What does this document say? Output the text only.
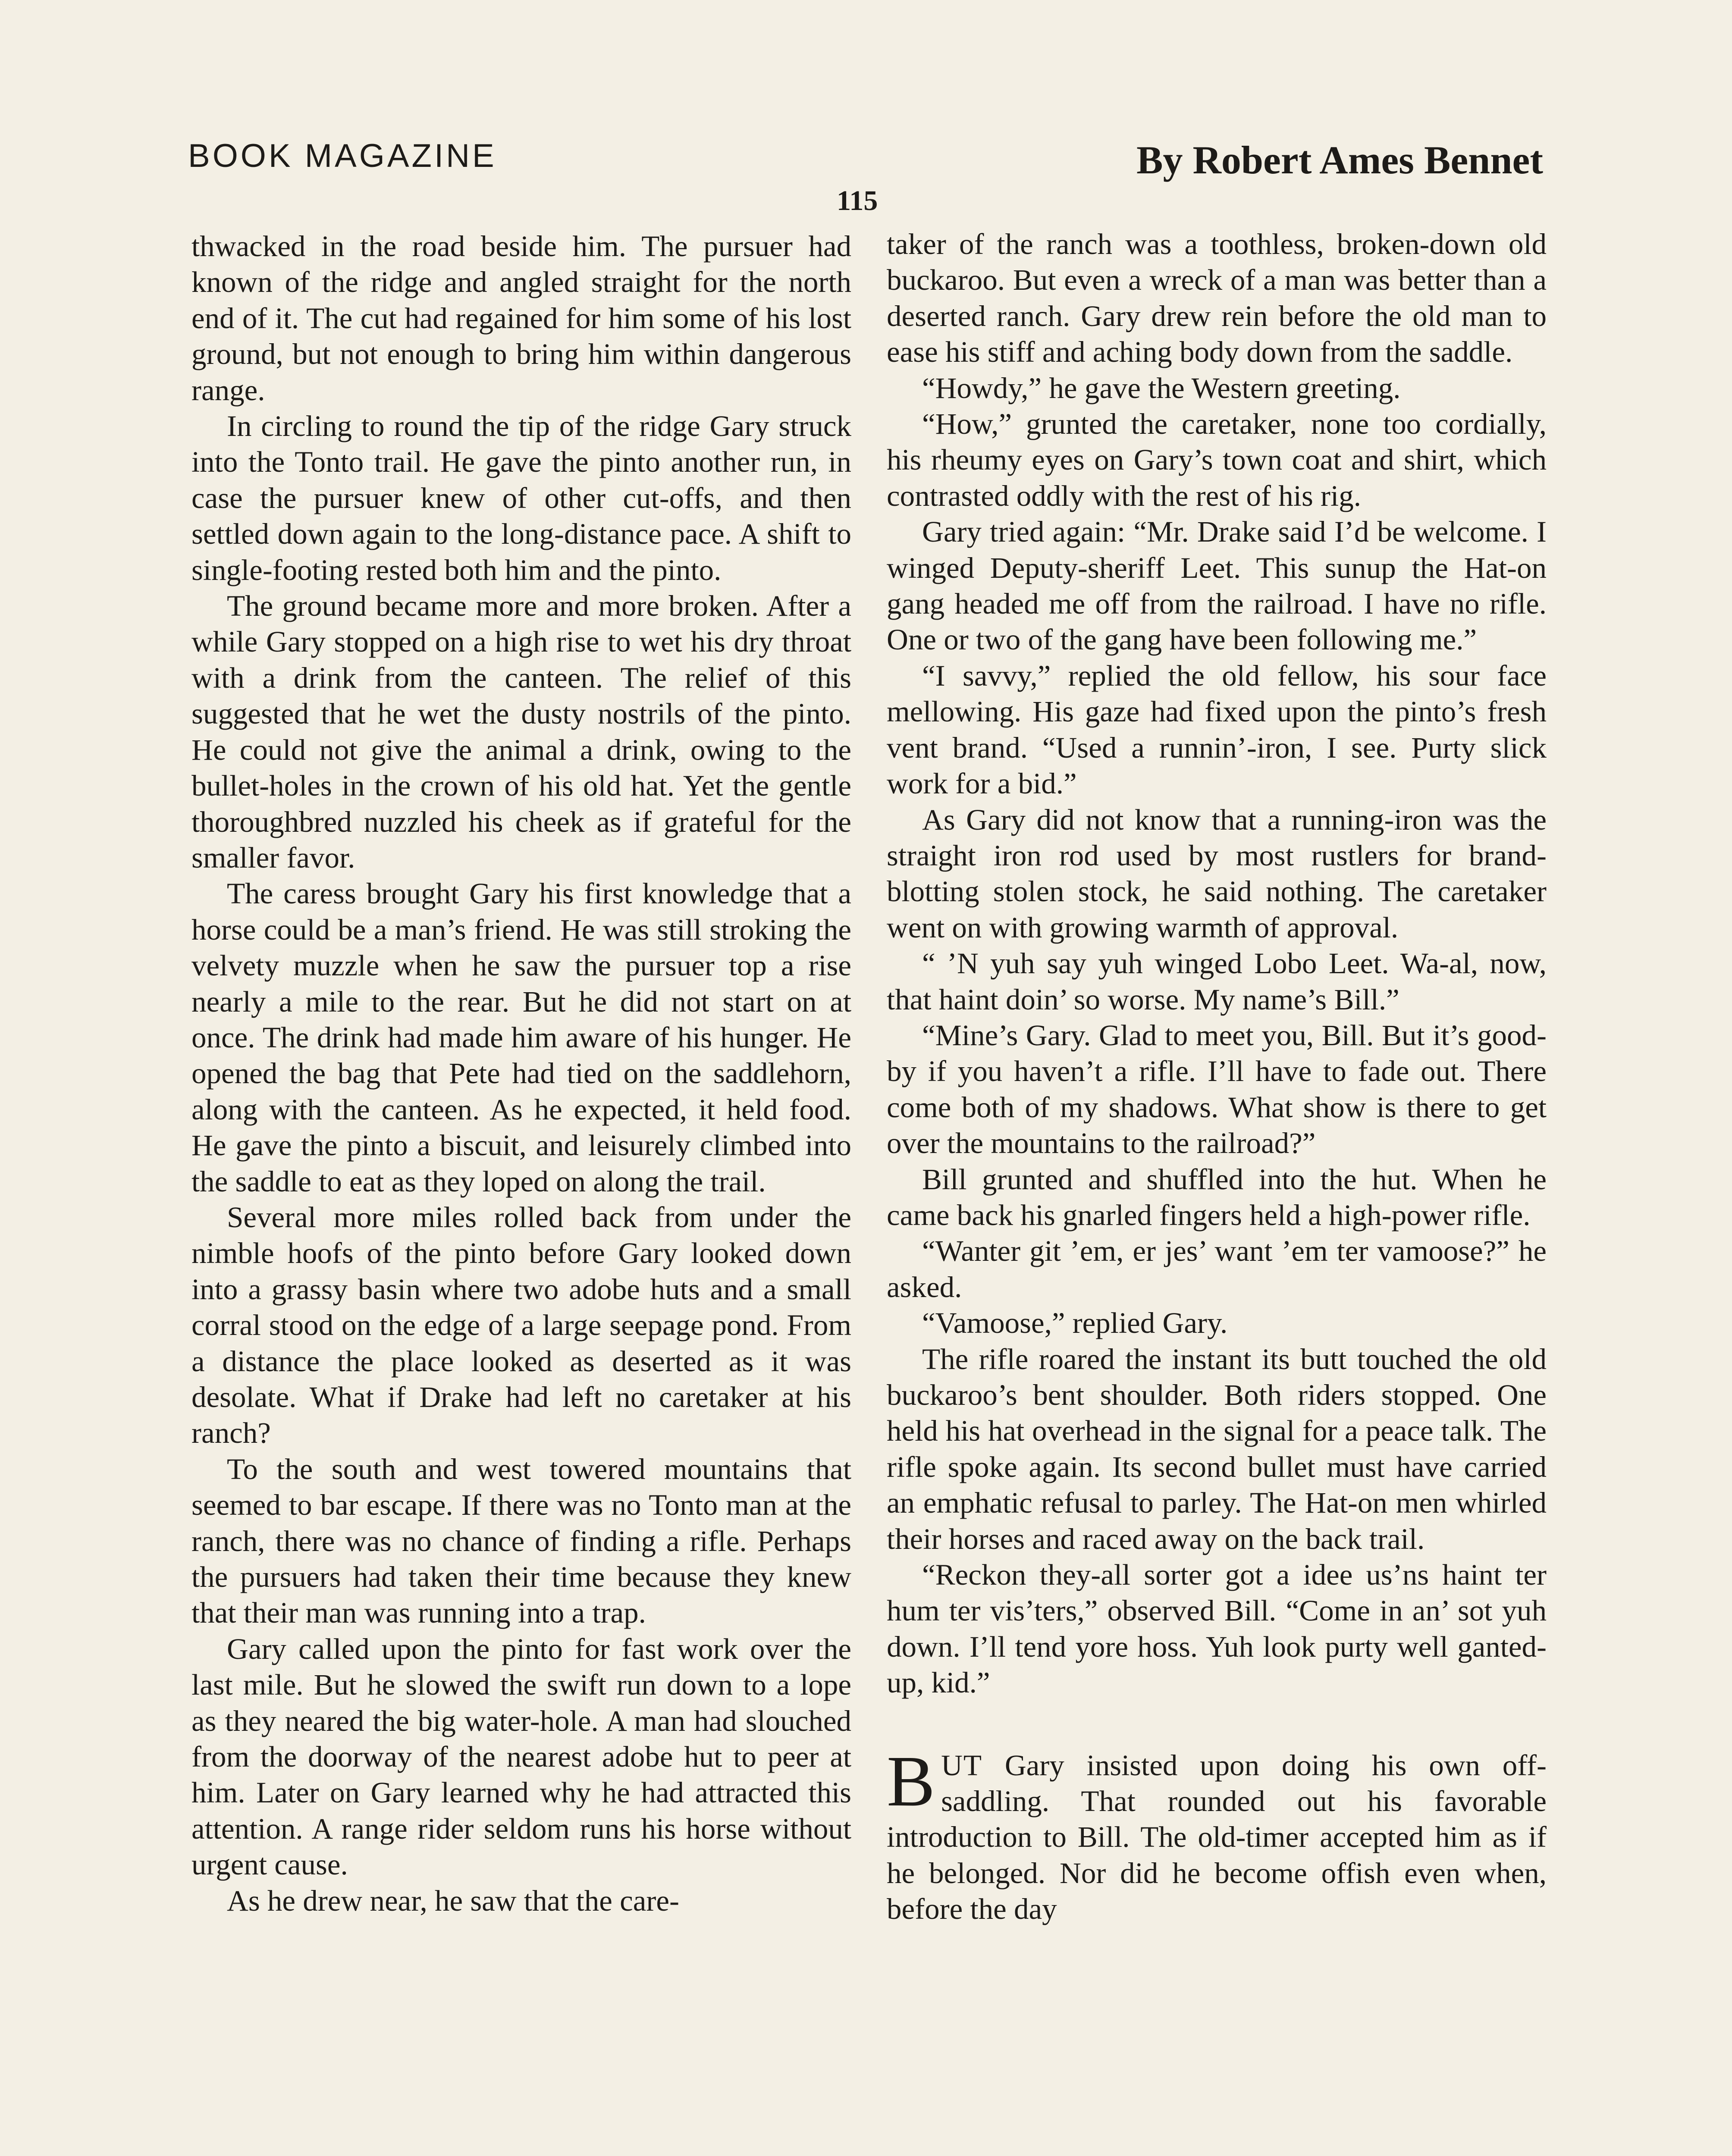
BOOK MAGAZINE	By Robert Ames Bennet
115

thwacked in the road beside him. The pursuer had known of the ridge and angled straight for the north end of it. The cut had regained for him some of his lost ground, but not enough to bring him within dangerous range.

In circling to round the tip of the ridge Gary struck into the Tonto trail. He gave the pinto another run, in case the pursuer knew of other cut-offs, and then settled down again to the long-distance pace. A shift to single-footing rested both him and the pinto.

The ground became more and more broken. After a while Gary stopped on a high rise to wet his dry throat with a drink from the canteen. The relief of this suggested that he wet the dusty nostrils of the pinto. He could not give the animal a drink, owing to the bullet-holes in the crown of his old hat. Yet the gentle thoroughbred nuzzled his cheek as if grateful for the smaller favor.

The caress brought Gary his first knowledge that a horse could be a man’s friend. He was still stroking the velvety muzzle when he saw the pursuer top a rise nearly a mile to the rear. But he did not start on at once. The drink had made him aware of his hunger. He opened the bag that Pete had tied on the saddlehorn, along with the canteen. As he expected, it held food. He gave the pinto a biscuit, and leisurely climbed into the saddle to eat as they loped on along the trail.

Several more miles rolled back from under the nimble hoofs of the pinto before Gary looked down into a grassy basin where two adobe huts and a small corral stood on the edge of a large seepage pond. From a distance the place looked as deserted as it was desolate. What if Drake had left no caretaker at his ranch?

To the south and west towered mountains that seemed to bar escape. If there was no Tonto man at the ranch, there was no chance of finding a rifle. Perhaps the pursuers had taken their time because they knew that their man was running into a trap.

Gary called upon the pinto for fast work over the last mile. But he slowed the swift run down to a lope as they neared the big water-hole. A man had slouched from the doorway of the nearest adobe hut to peer at him. Later on Gary learned why he had attracted this attention. A range rider seldom runs his horse without urgent cause.

As he drew near, he saw that the care-

taker of the ranch was a toothless, broken-down old buckaroo. But even a wreck of a man was better than a deserted ranch. Gary drew rein before the old man to ease his stiff and aching body down from the saddle.

“Howdy,” he gave the Western greeting.

“How,” grunted the caretaker, none too cordially, his rheumy eyes on Gary’s town coat and shirt, which contrasted oddly with the rest of his rig.

Gary tried again: “Mr. Drake said I’d be welcome. I winged Deputy-sheriff Leet. This sunup the Hat-on gang headed me off from the railroad. I have no rifle. One or two of the gang have been following me.”

“I savvy,” replied the old fellow, his sour face mellowing. His gaze had fixed upon the pinto’s fresh vent brand. “Used a runnin’-iron, I see. Purty slick work for a bid.”

As Gary did not know that a running-iron was the straight iron rod used by most rustlers for brand-blotting stolen stock, he said nothing. The caretaker went on with growing warmth of approval.

“ ’N yuh say yuh winged Lobo Leet. Wa-al, now, that haint doin’ so worse. My name’s Bill.”

“Mine’s Gary. Glad to meet you, Bill. But it’s good-by if you haven’t a rifle. I’ll have to fade out. There come both of my shadows. What show is there to get over the mountains to the railroad?”

Bill grunted and shuffled into the hut. When he came back his gnarled fingers held a high-power rifle.

“Wanter git ’em, er jes’ want ’em ter vamoose?” he asked.

“Vamoose,” replied Gary.

The rifle roared the instant its butt touched the old buckaroo’s bent shoulder. Both riders stopped. One held his hat overhead in the signal for a peace talk. The rifle spoke again. Its second bullet must have carried an emphatic refusal to parley. The Hat-on men whirled their horses and raced away on the back trail.

“Reckon they-all sorter got a idee us’ns haint ter hum ter vis’ters,” observed Bill. “Come in an’ sot yuh down. I’ll tend yore hoss. Yuh look purty well ganted-up, kid.”

BUT Gary insisted upon doing his own off-saddling. That rounded out his favorable introduction to Bill. The old-timer accepted him as if he belonged. Nor did he become offish even when, before the day
